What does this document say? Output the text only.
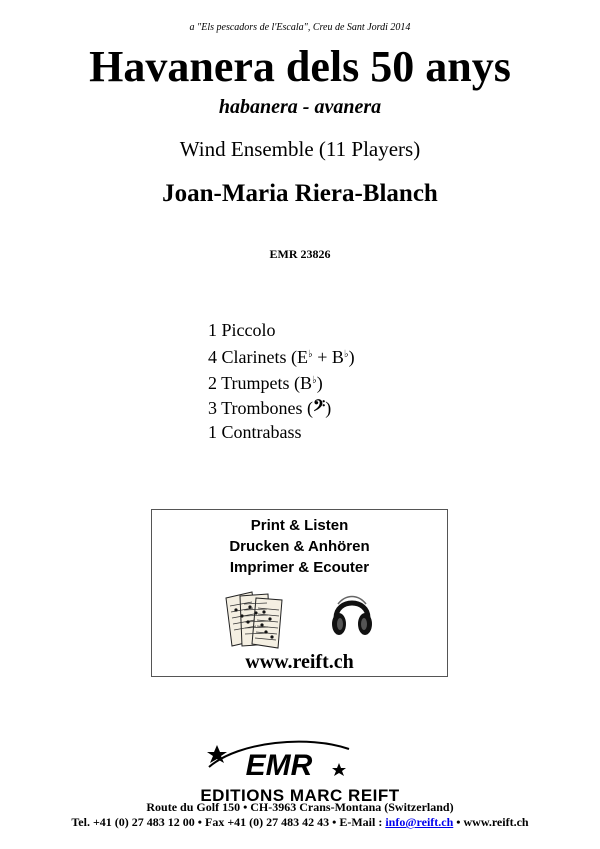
a "Els pescadors de l'Escala", Creu de Sant Jordi 2014
Havanera dels 50 anys
habanera - avanera
Wind Ensemble (11 Players)
Joan-Maria Riera-Blanch
EMR 23826
1 Piccolo
4 Clarinets (E♭ + B♭)
2 Trumpets (B♭)
3 Trombones (𝄢)
1 Contrabass
Print & Listen
Drucken & Anhören
Imprimer & Ecouter
www.reift.ch
EMR
EDITIONS MARC REIFT
Route du Golf 150 • CH-3963 Crans-Montana (Switzerland)
Tel. +41 (0) 27 483 12 00 • Fax +41 (0) 27 483 42 43 • E-Mail : info@reift.ch • www.reift.ch
